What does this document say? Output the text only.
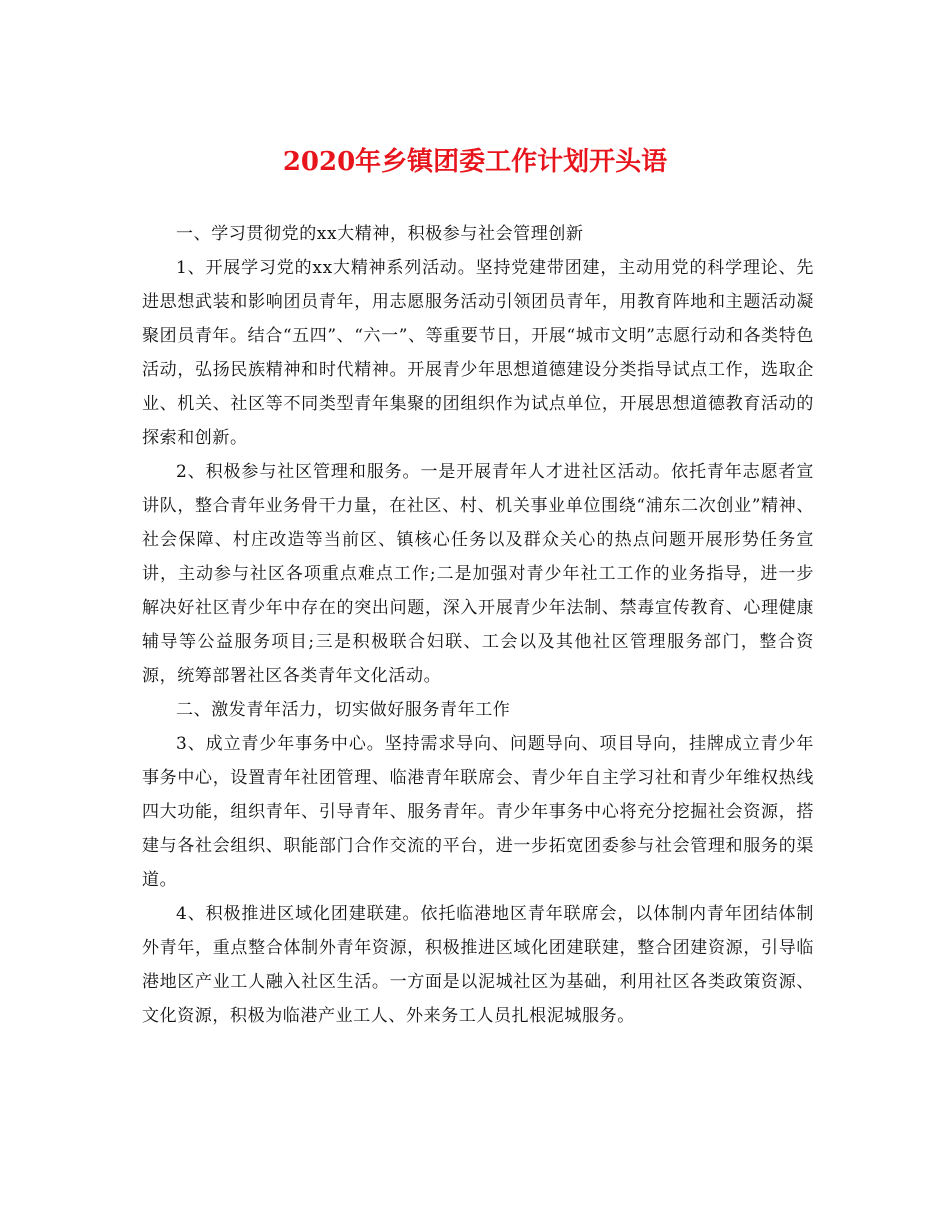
2020年乡镇团委工作计划开头语

一、学习贯彻党的xx大精神，积极参与社会管理创新

1、开展学习党的xx大精神系列活动。坚持党建带团建，主动用党的科学理论、先进思想武装和影响团员青年，用志愿服务活动引领团员青年，用教育阵地和主题活动凝聚团员青年。结合“五四”、“六一”、等重要节日，开展“城市文明”志愿行动和各类特色活动，弘扬民族精神和时代精神。开展青少年思想道德建设分类指导试点工作，选取企业、机关、社区等不同类型青年集聚的团组织作为试点单位，开展思想道德教育活动的探索和创新。

2、积极参与社区管理和服务。一是开展青年人才进社区活动。依托青年志愿者宣讲队，整合青年业务骨干力量，在社区、村、机关事业单位围绕“浦东二次创业”精神、社会保障、村庄改造等当前区、镇核心任务以及群众关心的热点问题开展形势任务宣讲，主动参与社区各项重点难点工作;二是加强对青少年社工工作的业务指导，进一步解决好社区青少年中存在的突出问题，深入开展青少年法制、禁毒宣传教育、心理健康辅导等公益服务项目;三是积极联合妇联、工会以及其他社区管理服务部门，整合资源，统筹部署社区各类青年文化活动。

二、激发青年活力，切实做好服务青年工作

3、成立青少年事务中心。坚持需求导向、问题导向、项目导向，挂牌成立青少年事务中心，设置青年社团管理、临港青年联席会、青少年自主学习社和青少年维权热线四大功能，组织青年、引导青年、服务青年。青少年事务中心将充分挖掘社会资源，搭建与各社会组织、职能部门合作交流的平台，进一步拓宽团委参与社会管理和服务的渠道。

4、积极推进区域化团建联建。依托临港地区青年联席会，以体制内青年团结体制外青年，重点整合体制外青年资源，积极推进区域化团建联建，整合团建资源，引导临港地区产业工人融入社区生活。一方面是以泥城社区为基础，利用社区各类政策资源、文化资源，积极为临港产业工人、外来务工人员扎根泥城服务。
